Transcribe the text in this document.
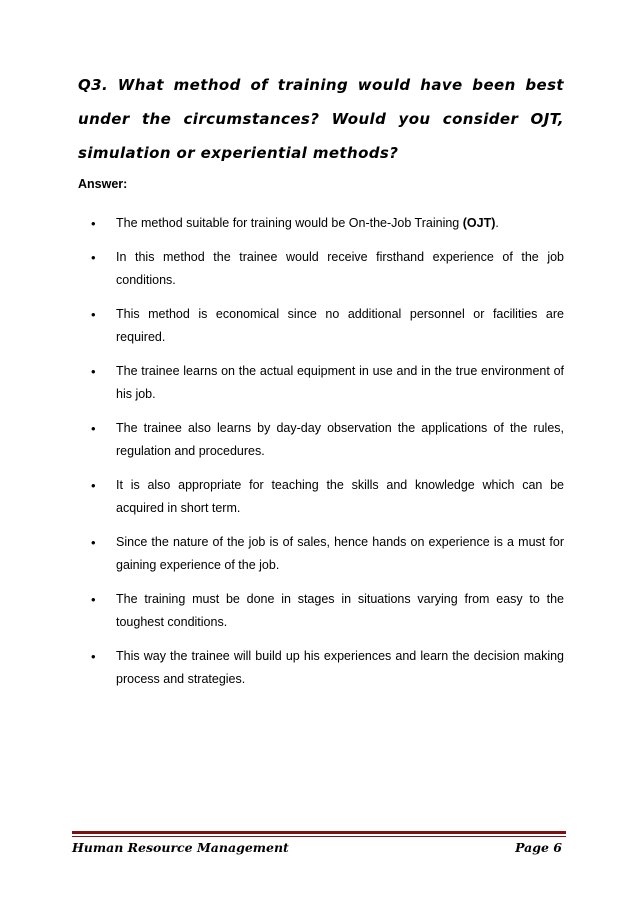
Q3. What method of training would have been best under the circumstances? Would you consider OJT, simulation or experiential methods?
Answer:
• The method suitable for training would be On-the-Job Training (OJT).
• In this method the trainee would receive firsthand experience of the job conditions.
• This method is economical since no additional personnel or facilities are required.
• The trainee learns on the actual equipment in use and in the true environment of his job.
• The trainee also learns by day-day observation the applications of the rules, regulation and procedures.
• It is also appropriate for teaching the skills and knowledge which can be acquired in short term.
• Since the nature of the job is of sales, hence hands on experience is a must for gaining experience of the job.
• The training must be done in stages in situations varying from easy to the toughest conditions.
• This way the trainee will build up his experiences and learn the decision making process and strategies.
Human Resource Management	Page 6
